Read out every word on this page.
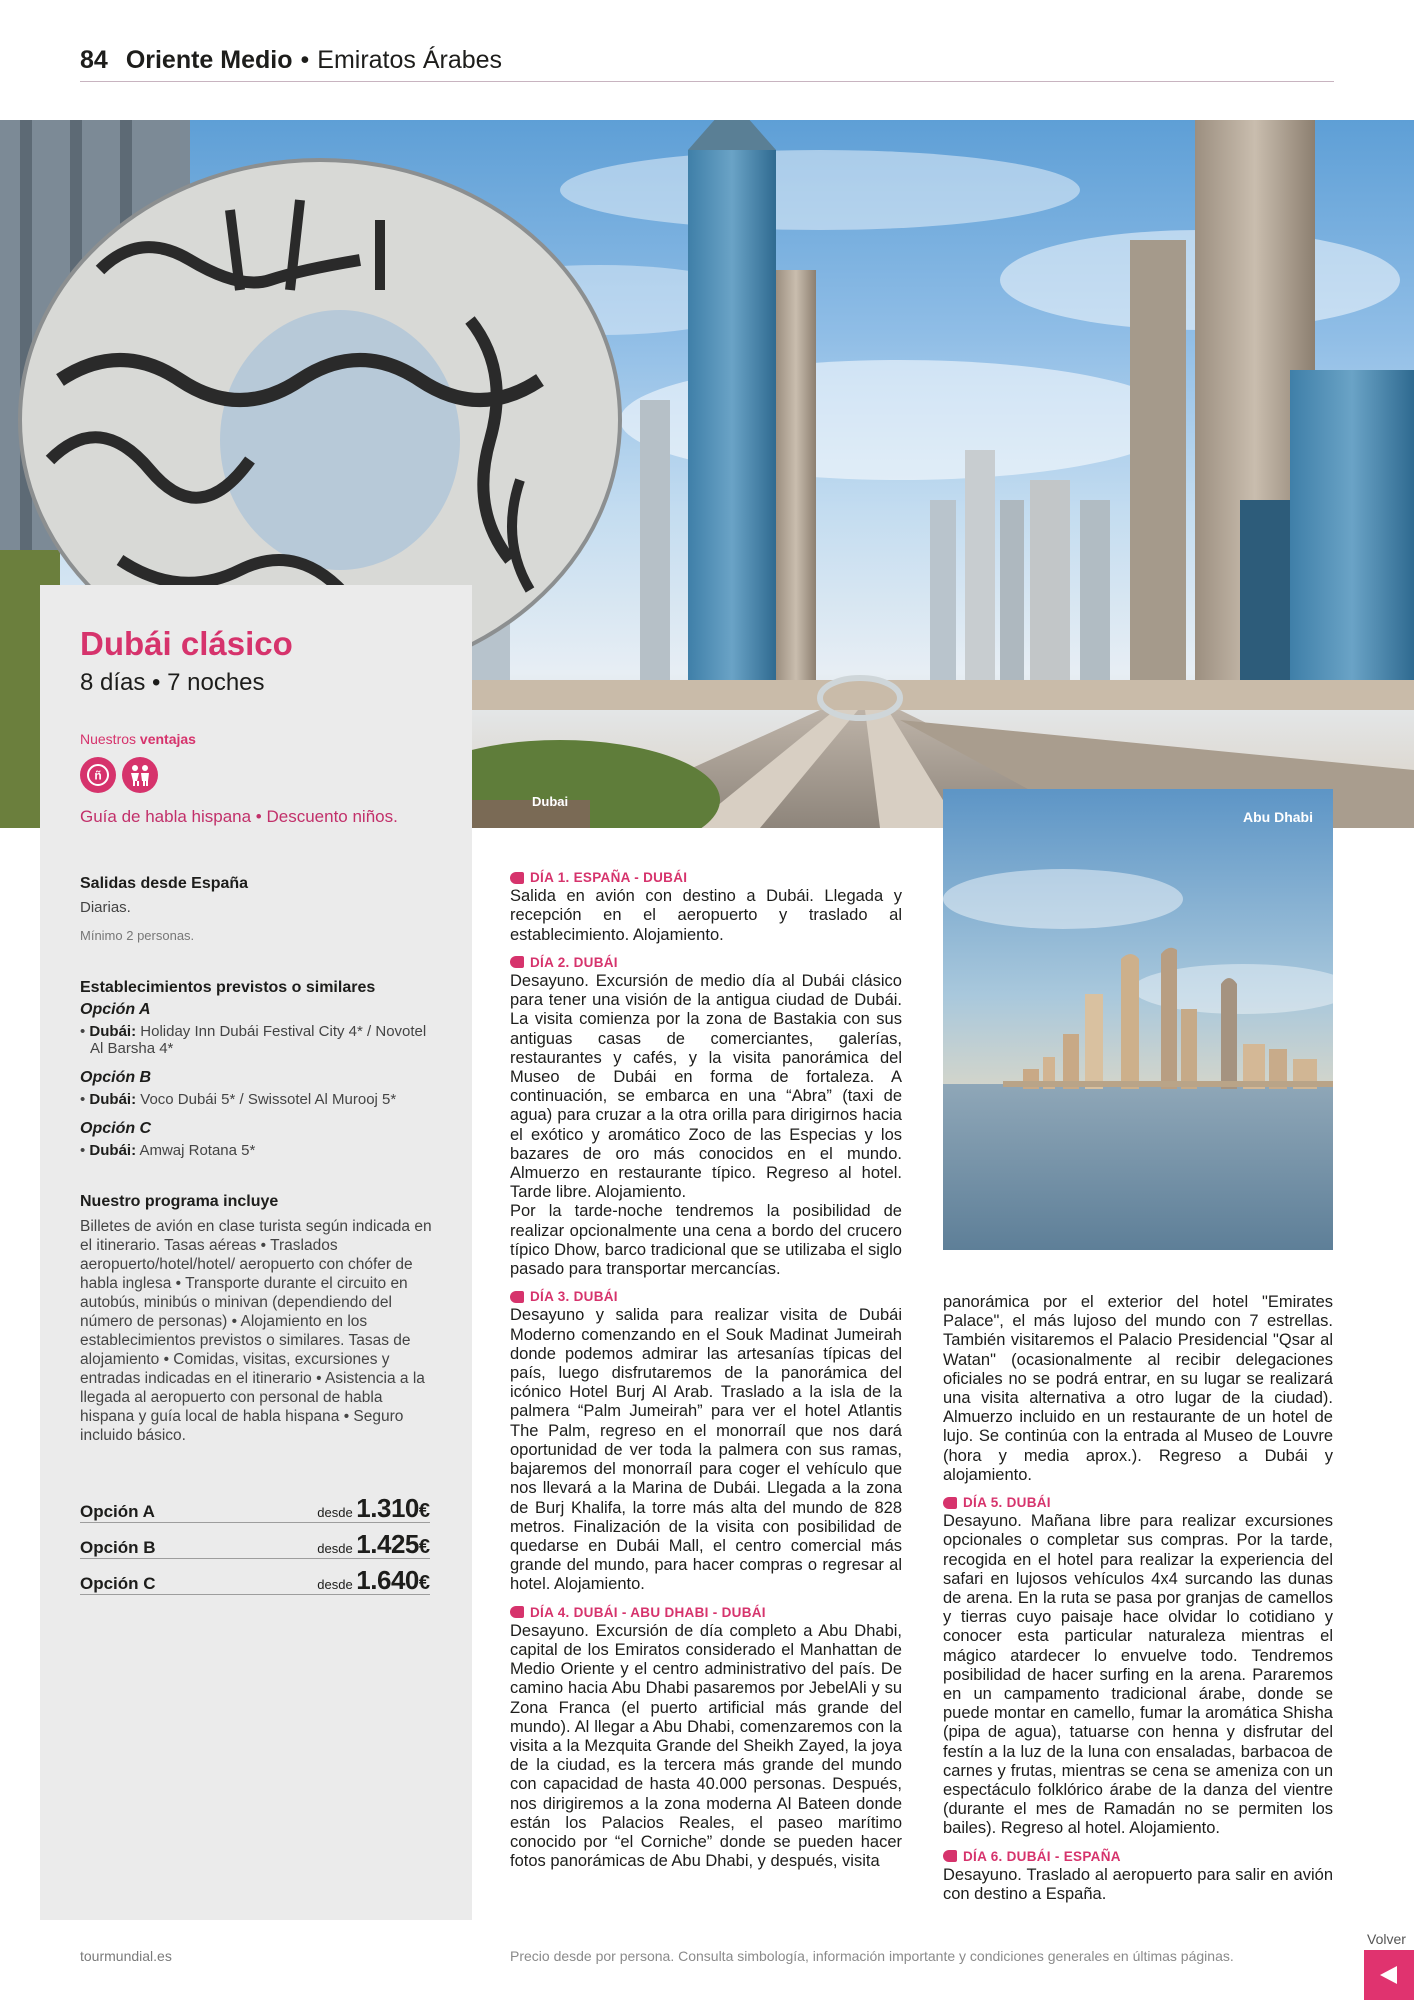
84 Oriente Medio • Emiratos Árabes
Dubai
Dubái clásico
8 días • 7 noches
Nuestros ventajas
ñ
Guía de habla hispana • Descuento niños.
Salidas desde España
Diarias.
Mínimo 2 personas.
Establecimientos previstos o similares
Opción A
• Dubái: Holiday Inn Dubái Festival City 4* / Novotel Al Barsha 4*
Opción B
• Dubái: Voco Dubái 5* / Swissotel Al Murooj 5*
Opción C
• Dubái: Amwaj Rotana 5*
Nuestro programa incluye
Billetes de avión en clase turista según indicada en el itinerario. Tasas aéreas • Traslados aeropuerto/hotel/hotel/ aeropuerto con chófer de habla inglesa • Transporte durante el circuito en autobús, minibús o minivan (dependiendo del número de personas) • Alojamiento en los establecimientos previstos o similares. Tasas de alojamiento • Comidas, visitas, excursiones y entradas indicadas en el itinerario • Asistencia a la llegada al aeropuerto con personal de habla hispana y guía local de habla hispana • Seguro incluido básico.
Opción A	desde 1.310€
Opción B	desde 1.425€
Opción C	desde 1.640€
DÍA 1. ESPAÑA - DUBÁI

Salida en avión con destino a Dubái. Llegada y recepción en el aeropuerto y traslado al establecimiento. Alojamiento.

DÍA 2. DUBÁI

Desayuno. Excursión de medio día al Dubái clásico para tener una visión de la antigua ciudad de Dubái. La visita comienza por la zona de Bastakia con sus antiguas casas de comerciantes, galerías, restaurantes y cafés, y la visita panorámica del Museo de Dubái en forma de fortaleza. A continuación, se embarca en una “Abra” (taxi de agua) para cruzar a la otra orilla para dirigirnos hacia el exótico y aromático Zoco de las Especias y los bazares de oro más conocidos en el mundo. Almuerzo en restaurante típico. Regreso al hotel. Tarde libre. Alojamiento.

Por la tarde-noche tendremos la posibilidad de realizar opcionalmente una cena a bordo del crucero típico Dhow, barco tradicional que se utilizaba el siglo pasado para transportar mercancías.

DÍA 3. DUBÁI

Desayuno y salida para realizar visita de Dubái Moderno comenzando en el Souk Madinat Jumeirah donde podemos admirar las artesanías típicas del país, luego disfrutaremos de la panorámica del icónico Hotel Burj Al Arab. Traslado a la isla de la palmera “Palm Jumeirah” para ver el hotel Atlantis The Palm, regreso en el monorraíl que nos dará oportunidad de ver toda la palmera con sus ramas, bajaremos del monorraíl para coger el vehículo que nos llevará a la Marina de Dubái. Llegada a la zona de Burj Khalifa, la torre más alta del mundo de 828 metros. Finalización de la visita con posibilidad de quedarse en Dubái Mall, el centro comercial más grande del mundo, para hacer compras o regresar al hotel. Alojamiento.

DÍA 4. DUBÁI - ABU DHABI - DUBÁI

Desayuno. Excursión de día completo a Abu Dhabi, capital de los Emiratos considerado el Manhattan de Medio Oriente y el centro administrativo del país. De camino hacia Abu Dhabi pasaremos por JebelAli y su Zona Franca (el puerto artificial más grande del mundo). Al llegar a Abu Dhabi, comenzaremos con la visita a la Mezquita Grande del Sheikh Zayed, la joya de la ciudad, es la tercera más grande del mundo con capacidad de hasta 40.000 personas. Después, nos dirigiremos a la zona moderna Al Bateen donde están los Palacios Reales, el paseo marítimo conocido por “el Corniche” donde se pueden hacer fotos panorámicas de Abu Dhabi, y después, visita

Abu Dhabi

panorámica por el exterior del hotel "Emirates Palace", el más lujoso del mundo con 7 estrellas. También visitaremos el Palacio Presidencial "Qsar al Watan" (ocasionalmente al recibir delegaciones oficiales no se podrá entrar, en su lugar se realizará una visita alternativa a otro lugar de la ciudad). Almuerzo incluido en un restaurante de un hotel de lujo. Se continúa con la entrada al Museo de Louvre (hora y media aprox.). Regreso a Dubái y alojamiento.

DÍA 5. DUBÁI

Desayuno. Mañana libre para realizar excursiones opcionales o completar sus compras. Por la tarde, recogida en el hotel para realizar la experiencia del safari en lujosos vehículos 4x4 surcando las dunas de arena. En la ruta se pasa por granjas de camellos y tierras cuyo paisaje hace olvidar lo cotidiano y conocer esta particular naturaleza mientras el mágico atardecer lo envuelve todo. Tendremos posibilidad de hacer surfing en la arena. Pararemos en un campamento tradicional árabe, donde se puede montar en camello, fumar la aromática Shisha (pipa de agua), tatuarse con henna y disfrutar del festín a la luz de la luna con ensaladas, barbacoa de carnes y frutas, mientras se cena se ameniza con un espectáculo folklórico árabe de la danza del vientre (durante el mes de Ramadán no se permiten los bailes). Regreso al hotel. Alojamiento.

DÍA 6. DUBÁI - ESPAÑA

Desayuno. Traslado al aeropuerto para salir en avión con destino a España.

tourmundial.es	Precio desde por persona. Consulta simbología, información importante y condiciones generales en últimas páginas.
Volver
